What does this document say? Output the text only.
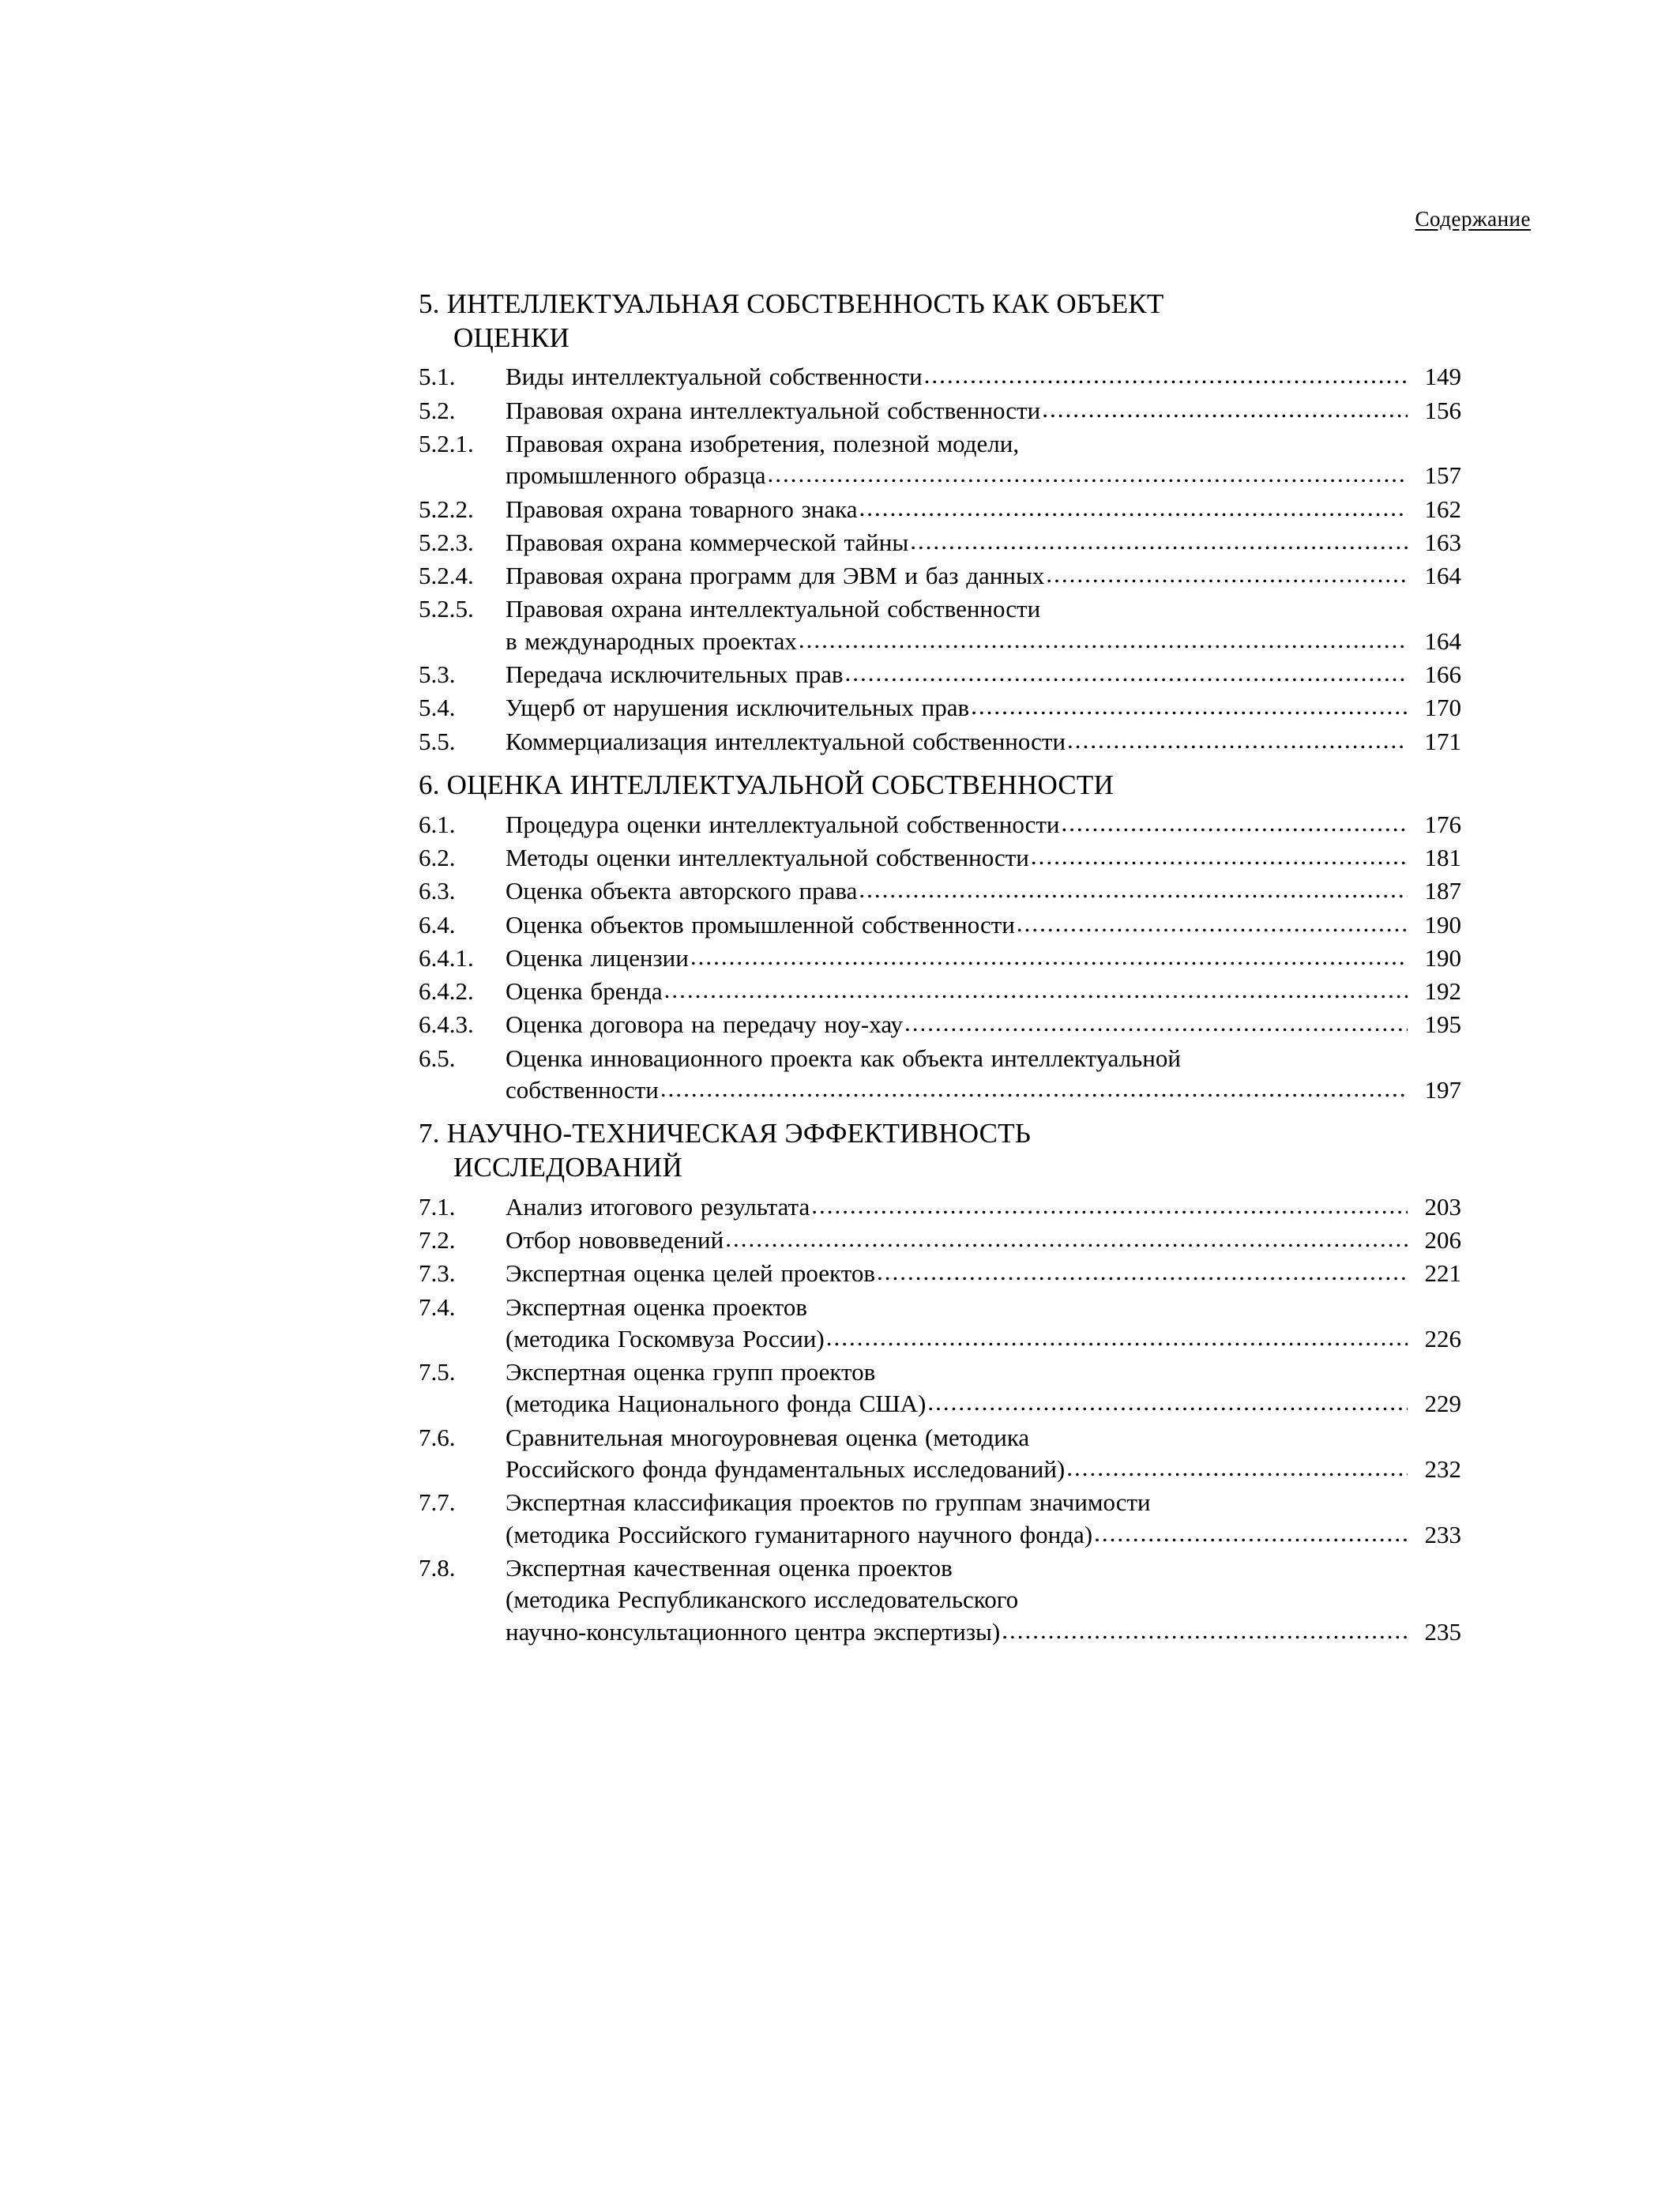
Содержание
5. ИНТЕЛЛЕКТУАЛЬНАЯ СОБСТВЕННОСТЬ КАК ОБЪЕКТ
ОЦЕНКИ
5.1.	Виды интеллектуальной собственности .....	149
5.2.	Правовая охрана интеллектуальной собственности .....	156
5.2.1.	Правовая охрана изобретения, полезной модели,
промышленного образца .....	157
5.2.2.	Правовая охрана товарного знака .....	162
5.2.3.	Правовая охрана коммерческой тайны .....	163
5.2.4.	Правовая охрана программ для ЭВМ и баз данных .....	164
5.2.5.	Правовая охрана интеллектуальной собственности
в международных проектах .....	164
5.3.	Передача исключительных прав .....	166
5.4.	Ущерб от нарушения исключительных прав .....	170
5.5.	Коммерциализация интеллектуальной собственности .....	171
6. ОЦЕНКА ИНТЕЛЛЕКТУАЛЬНОЙ СОБСТВЕННОСТИ
6.1.	Процедура оценки интеллектуальной собственности .....	176
6.2.	Методы оценки интеллектуальной собственности .....	181
6.3.	Оценка объекта авторского права .....	187
6.4.	Оценка объектов промышленной собственности .....	190
6.4.1.	Оценка лицензии .....	190
6.4.2.	Оценка бренда .....	192
6.4.3.	Оценка договора на передачу ноу-хау .....	195
6.5.	Оценка инновационного проекта как объекта интеллектуальной
собственности .....	197
7. НАУЧНО-ТЕХНИЧЕСКАЯ ЭФФЕКТИВНОСТЬ
ИССЛЕДОВАНИЙ
7.1.	Анализ итогового результата .....	203
7.2.	Отбор нововведений .....	206
7.3.	Экспертная оценка целей проектов .....	221
7.4.	Экспертная оценка проектов
(методика Госкомвуза России) .....	226
7.5.	Экспертная оценка групп проектов
(методика Национального фонда США) .....	229
7.6.	Сравнительная многоуровневая оценка (методика
Российского фонда фундаментальных исследований) .....	232
7.7.	Экспертная классификация проектов по группам значимости
(методика Российского гуманитарного научного фонда) .....	233
7.8.	Экспертная качественная оценка проектов
(методика Республиканского исследовательского
научно-консультационного центра экспертизы) .....	235
